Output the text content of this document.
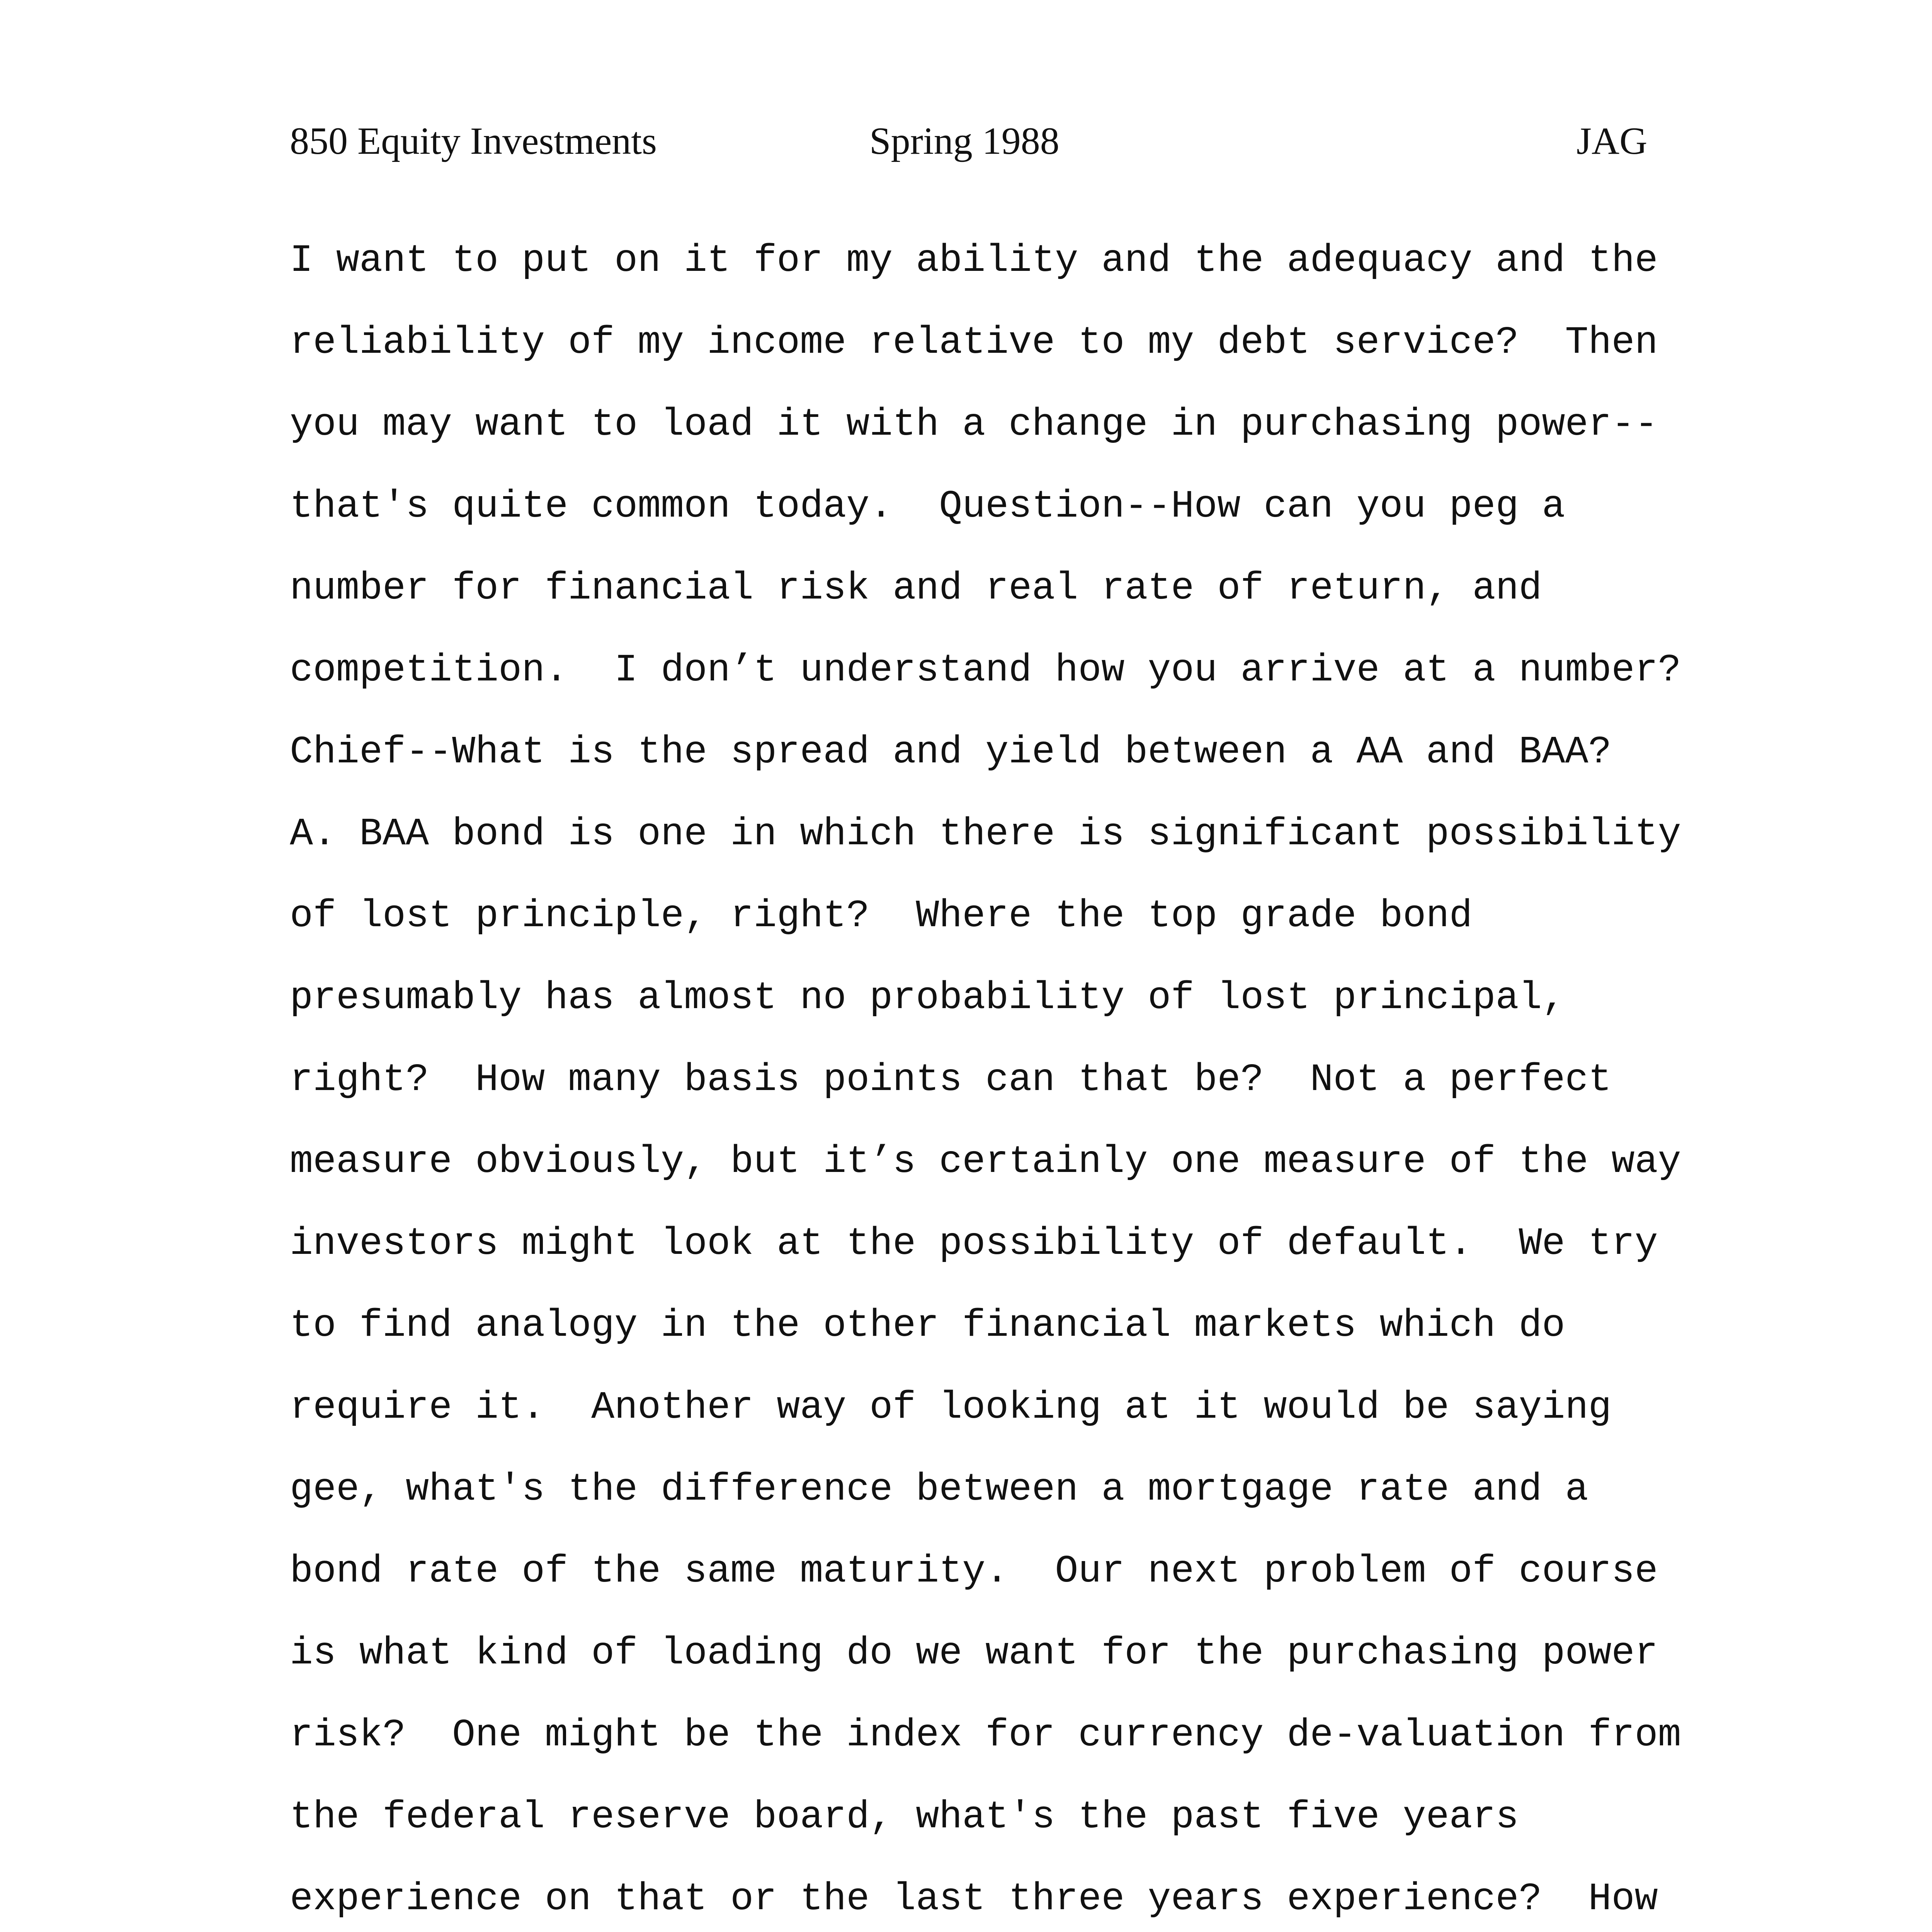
850 Equity Investments	Spring 1988	JAG
I want to put on it for my ability and the adequacy and the
reliability of my income relative to my debt service?  Then
you may want to load it with a change in purchasing power--
that's quite common today.  Question--How can you peg a
number for financial risk and real rate of return, and
competition.  I don’t understand how you arrive at a number?
Chief--What is the spread and yield between a AA and BAA?
A. BAA bond is one in which there is significant possibility
of lost principle, right?  Where the top grade bond
presumably has almost no probability of lost principal,
right?  How many basis points can that be?  Not a perfect
measure obviously, but it’s certainly one measure of the way
investors might look at the possibility of default.  We try
to find analogy in the other financial markets which do
require it.  Another way of looking at it would be saying
gee, what's the difference between a mortgage rate and a
bond rate of the same maturity.  Our next problem of course
is what kind of loading do we want for the purchasing power
risk?  One might be the index for currency de-valuation from
the federal reserve board, what's the past five years
experience on that or the last three years experience?  How
